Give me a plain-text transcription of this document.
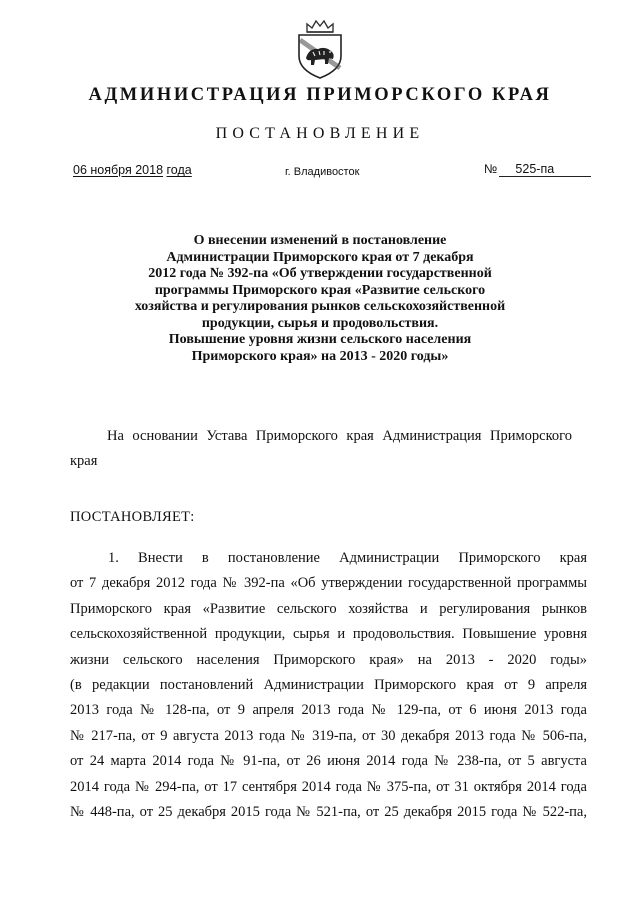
АДМИНИСТРАЦИЯ ПРИМОРСКОГО КРАЯ
ПОСТАНОВЛЕНИЕ
06 ноября 2018 года	г. Владивосток	№ 525-па
О внесении изменений в постановление
Администрации Приморского края от 7 декабря
2012 года № 392-па «Об утверждении государственной
программы Приморского края «Развитие сельского
хозяйства и регулирования рынков сельскохозяйственной
продукции, сырья и продовольствия.
Повышение уровня жизни сельского населения
Приморского края» на 2013 - 2020 годы»
На основании Устава Приморского края Администрация Приморского
края
ПОСТАНОВЛЯЕТ:
1. Внести в постановление Администрации Приморского края
от 7 декабря 2012 года № 392-па «Об утверждении государственной программы
Приморского края «Развитие сельского хозяйства и регулирования рынков
сельскохозяйственной продукции, сырья и продовольствия. Повышение уровня
жизни сельского населения Приморского края» на 2013 - 2020 годы»
(в редакции постановлений Администрации Приморского края от 9 апреля
2013 года № 128-па, от 9 апреля 2013 года № 129-па, от 6 июня 2013 года
№ 217-па, от 9 августа 2013 года № 319-па, от 30 декабря 2013 года № 506-па,
от 24 марта 2014 года № 91-па, от 26 июня 2014 года № 238-па, от 5 августа
2014 года № 294-па, от 17 сентября 2014 года № 375-па, от 31 октября 2014 года
№ 448-па, от 25 декабря 2015 года № 521-па, от 25 декабря 2015 года № 522-па,
